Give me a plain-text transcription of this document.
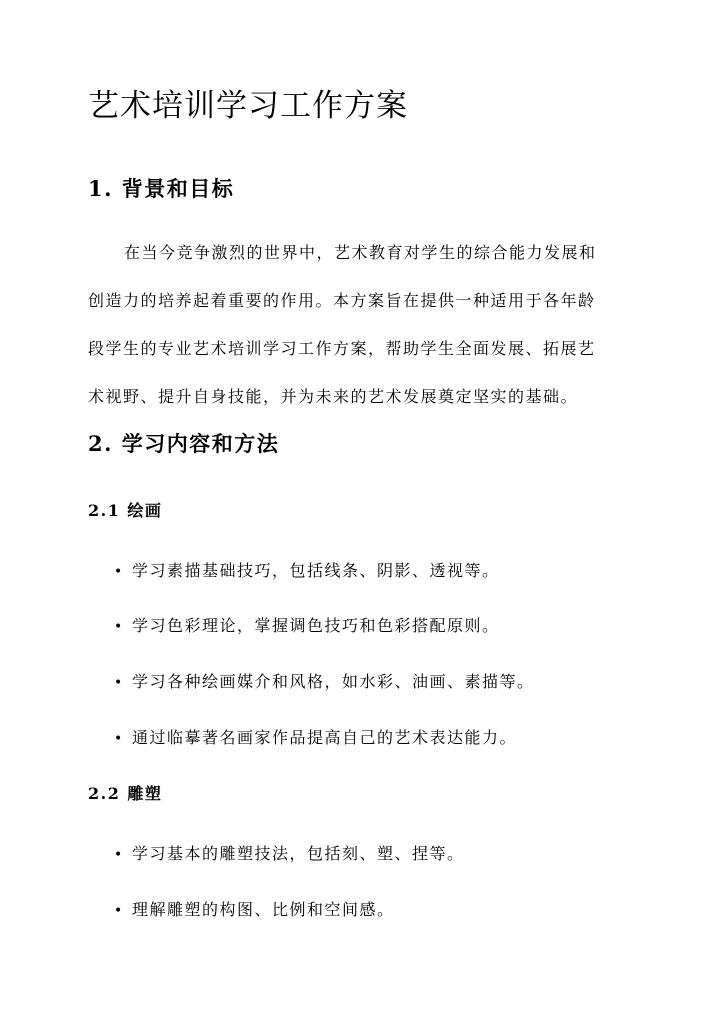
艺术培训学习工作方案
1. 背景和目标

在当今竞争激烈的世界中，艺术教育对学生的综合能力发展和
创造力的培养起着重要的作用。本方案旨在提供一种适用于各年龄
段学生的专业艺术培训学习工作方案，帮助学生全面发展、拓展艺
术视野、提升自身技能，并为未来的艺术发展奠定坚实的基础。

2. 学习内容和方法
2.1 绘画
• 学习素描基础技巧，包括线条、阴影、透视等。
• 学习色彩理论，掌握调色技巧和色彩搭配原则。
• 学习各种绘画媒介和风格，如水彩、油画、素描等。
• 通过临摹著名画家作品提高自己的艺术表达能力。
2.2 雕塑
• 学习基本的雕塑技法，包括刻、塑、捏等。
• 理解雕塑的构图、比例和空间感。
